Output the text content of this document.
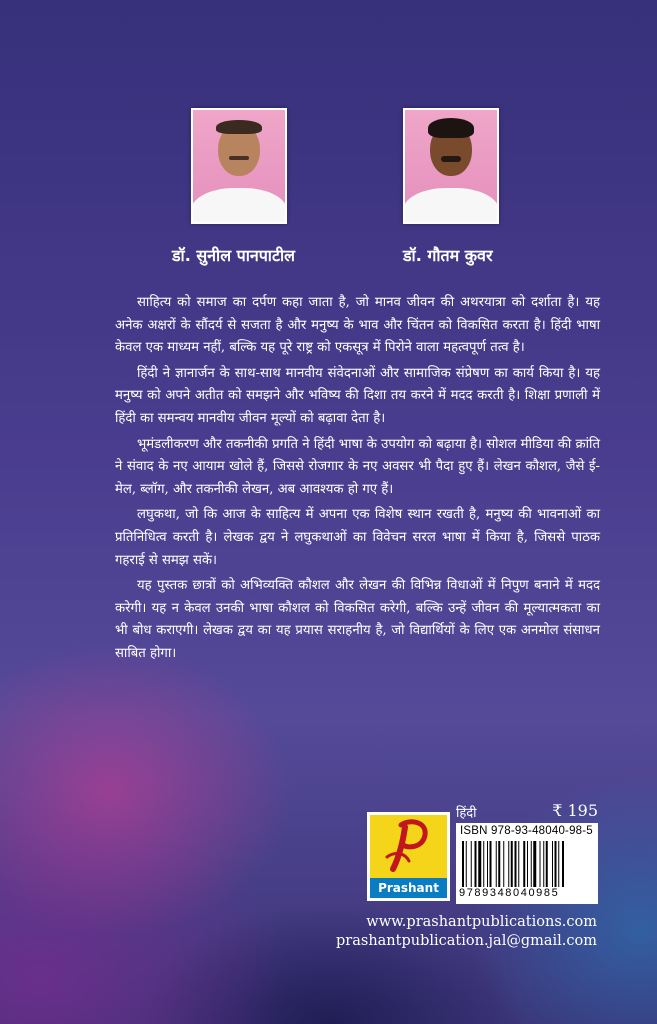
डॉ. सुनील पानपाटील	डॉ. गौतम कुवर

साहित्य को समाज का दर्पण कहा जाता है, जो मानव जीवन की अथरयात्रा को दर्शाता है। यह अनेक अक्षरों के सौंदर्य से सजता है और मनुष्य के भाव और चिंतन को विकसित करता है। हिंदी भाषा केवल एक माध्यम नहीं, बल्कि यह पूरे राष्ट्र को एकसूत्र में पिरोने वाला महत्वपूर्ण तत्व है।

हिंदी ने ज्ञानार्जन के साथ-साथ मानवीय संवेदनाओं और सामाजिक संप्रेषण का कार्य किया है। यह मनुष्य को अपने अतीत को समझने और भविष्य की दिशा तय करने में मदद करती है। शिक्षा प्रणाली में हिंदी का समन्वय मानवीय जीवन मूल्यों को बढ़ावा देता है।

भूमंडलीकरण और तकनीकी प्रगति ने हिंदी भाषा के उपयोग को बढ़ाया है। सोशल मीडिया की क्रांति ने संवाद के नए आयाम खोले हैं, जिससे रोजगार के नए अवसर भी पैदा हुए हैं। लेखन कौशल, जैसे ई-मेल, ब्लॉग, और तकनीकी लेखन, अब आवश्यक हो गए हैं।

लघुकथा, जो कि आज के साहित्य में अपना एक विशेष स्थान रखती है, मनुष्य की भावनाओं का प्रतिनिधित्व करती है। लेखक द्वय ने लघुकथाओं का विवेचन सरल भाषा में किया है, जिससे पाठक गहराई से समझ सकें।

यह पुस्तक छात्रों को अभिव्यक्ति कौशल और लेखन की विभिन्न विधाओं में निपुण बनाने में मदद करेगी। यह न केवल उनकी भाषा कौशल को विकसित करेगी, बल्कि उन्हें जीवन की मूल्यात्मकता का भी बोध कराएगी। लेखक द्वय का यह प्रयास सराहनीय है, जो विद्यार्थियों के लिए एक अनमोल संसाधन साबित होगा।

हिंदी	₹ 195
Prashant
ISBN 978-93-48040-98-5
9789348040985
www.prashantpublications.com
prashantpublication.jal@gmail.com
